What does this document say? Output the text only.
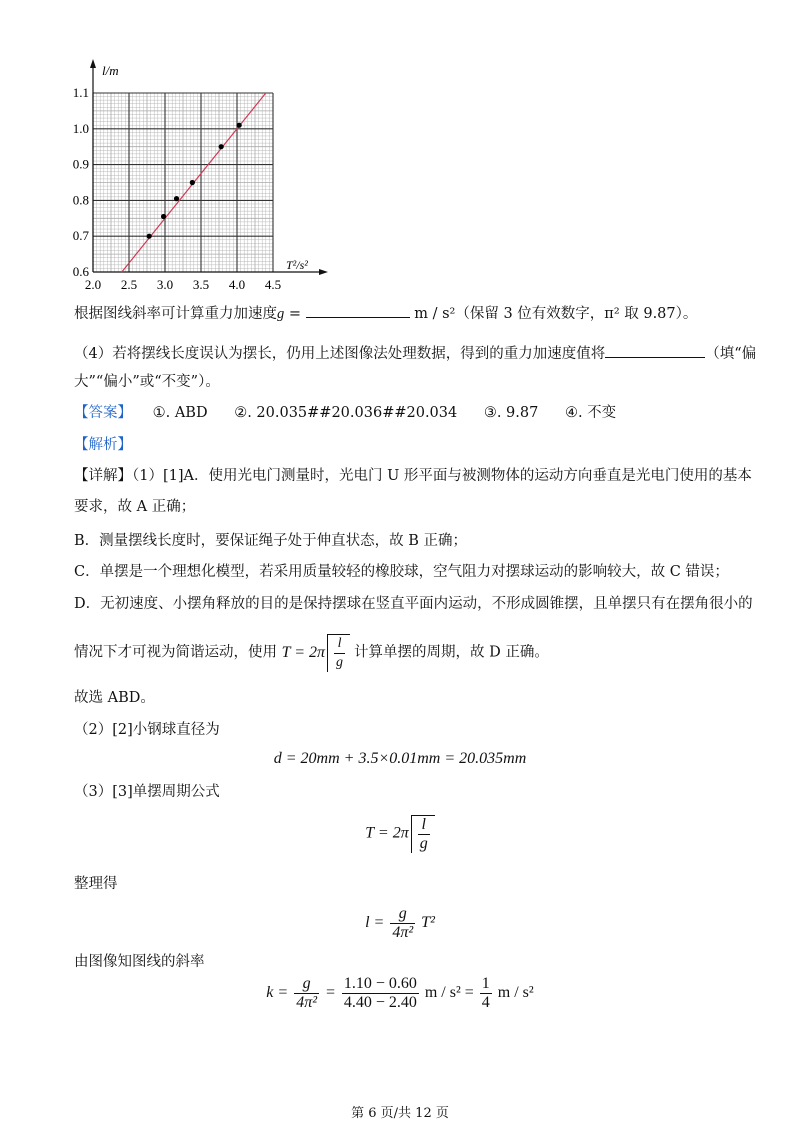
2.0 2.5 3.0 3.5 4.0 4.5
0.6
0.7
0.8
0.9
1.0
1.1
l/m
T²/s²
根据图线斜率可计算重力加速度g =	m / s²（保留 3 位有效数字，π² 取 9.87）。
（4）若将摆线长度误认为摆长，仍用上述图像法处理数据，得到的重力加速度值将	（填“偏
大”“偏小”或“不变”）。
【答案】 ①. ABD ②. 20.035##20.036##20.034 ③. 9.87 ④. 不变
【解析】
【详解】（1）[1]A．使用光电门测量时，光电门 U 形平面与被测物体的运动方向垂直是光电门使用的基本
要求，故 A 正确；
B．测量摆线长度时，要保证绳子处于伸直状态，故 B 正确；
C．单摆是一个理想化模型，若采用质量较轻的橡胶球，空气阻力对摆球运动的影响较大，故 C 错误；
D．无初速度、小摆角释放的目的是保持摆球在竖直平面内运动，不形成圆锥摆，且单摆只有在摆角很小的
情况下才可视为简谐运动，使用 $T = 2\pi \frac{l}{g}$ 计算单摆的周期，故 D 正确。
故选 ABD。
（2）[2]小钢球直径为
d = 20mm + 3.5×0.01mm = 20.035mm
（3）[3]单摆周期公式
$T = 2\pi \frac{l}{g}$
整理得
$l = \frac{g}{\text{4π²}} T^2$
由图像知图线的斜率
$k = \frac{g}{\text{4π²}} = \frac{1.10 - 0.60}{4.40 - 2.40}$ $m / s^2 = \frac{1}{4}$ m / s²
第 6 页/共 12 页
